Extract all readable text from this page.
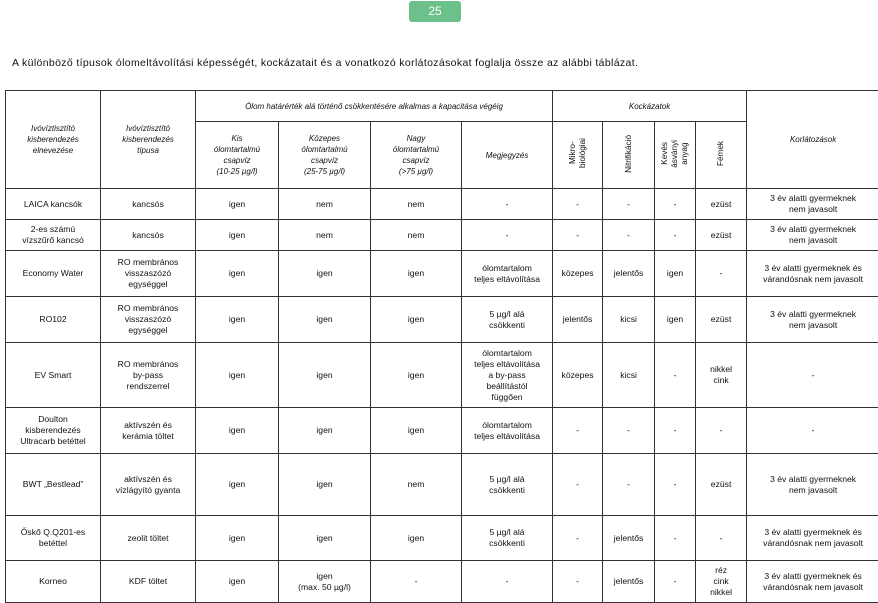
25
A különböző típusok ólomeltávolítási képességét, kockázatait és a vonatkozó korlátozásokat foglalja össze az alábbi táblázat.
Ivóvíztisztító
kisberendezés
elnevezése	Ivóvíztisztító
kisberendezés
típusa	Ólom határérték alá történő csökkentésére alkalmas a kapacitása végéig				Kockázatok				Korlátozások
		Kis
ólomtartalmú
csapvíz
(10-25 µg/l)	Közepes
ólomtartalmú
csapvíz
(25-75 µg/l)	Nagy
ólomtartalmú
csapvíz
(>75 µg/l)	Megjegyzés	Mikro-
biológiai	Nitrifikáció	Kevés
ásványi
anyag	Fémek	
LAICA kancsók	kancsós	igen	nem	nem	-	-	-	-	ezüst	3 év alatti gyermeknek
nem javasolt
2-es számú
vízszűrő kancsó	kancsós	igen	nem	nem	-	-	-	-	ezüst	3 év alatti gyermeknek
nem javasolt
Economy Water	RO membrános
visszaszózó
egységgel	igen	igen	igen	ólomtartalom
teljes eltávolítása	közepes	jelentős	igen	-	3 év alatti gyermeknek és
várandósnak nem javasolt
RO102	RO membrános
visszaszózó
egységgel	igen	igen	igen	5 µg/l alá
csökkenti	jelentős	kicsi	igen	ezüst	3 év alatti gyermeknek
nem javasolt
EV Smart	RO membrános
by-pass
rendszerrel	igen	igen	igen	ólomtartalom
teljes eltávolítása
a by-pass
beállítástól
függően	közepes	kicsi	-	nikkel
cink	-
Doulton
kisberendezés
Ultracarb betéttel	aktívszén és
kerámia töltet	igen	igen	igen	ólomtartalom
teljes eltávolítása	-	-	-	-	-
BWT „Bestlead”	aktívszén és
vízlágyító gyanta	igen	igen	nem	5 µg/l alá
csökkenti	-	-	-	ezüst	3 év alatti gyermeknek
nem javasolt
Őskő Q.Q201-es
betéttel	zeolit töltet	igen	igen	igen	5 µg/l alá
csökkenti	-	jelentős	-	-	3 év alatti gyermeknek és
várandósnak nem javasolt
Korneo	KDF töltet	igen	igen
(max. 50 µg/l)	-	-	-	jelentős	-	réz
cink
nikkel	3 év alatti gyermeknek és
várandósnak nem javasolt
